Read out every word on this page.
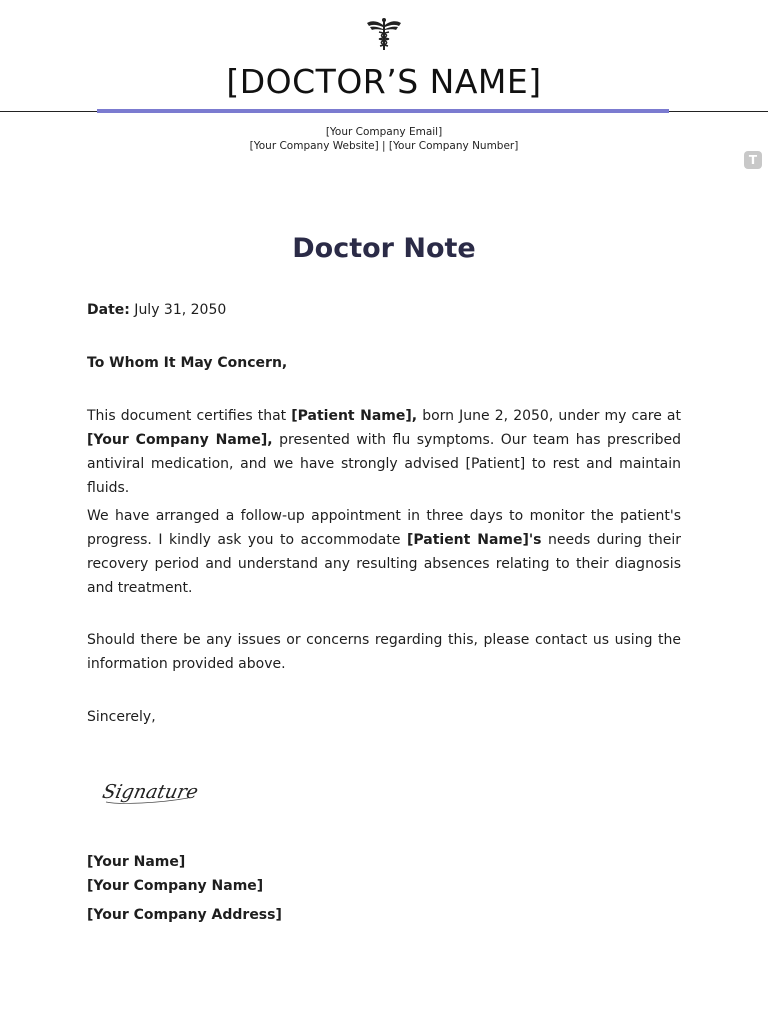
[DOCTOR’S NAME]
[Your Company Email]
[Your Company Website] | [Your Company Number]
T
Doctor Note
Date: July 31, 2050
To Whom It May Concern,
This document certifies that [Patient Name], born June 2, 2050, under my care at [Your Company Name], presented with flu symptoms. Our team has prescribed antiviral medication, and we have strongly advised [Patient] to rest and maintain fluids.
We have arranged a follow-up appointment in three days to monitor the patient's progress. I kindly ask you to accommodate [Patient Name]'s needs during their recovery period and understand any resulting absences relating to their diagnosis and treatment.
Should there be any issues or concerns regarding this, please contact us using the information provided above.
Sincerely,
Signature
[Your Name]
[Your Company Name]
[Your Company Address]
